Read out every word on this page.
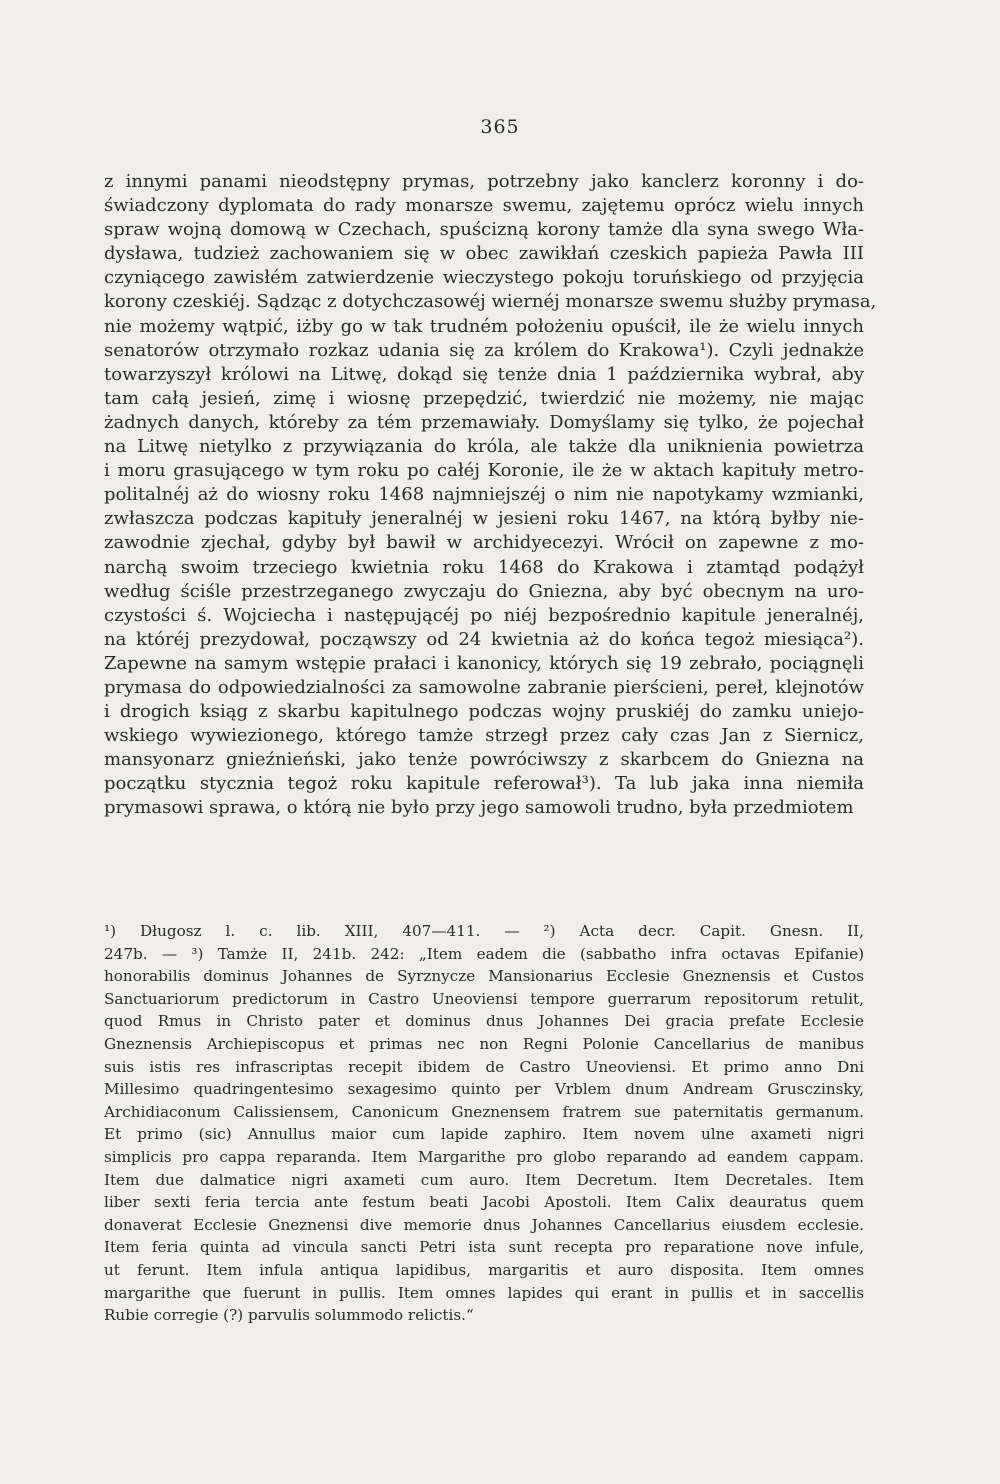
365
z innymi panami nieodstępny prymas, potrzebny jako kanclerz koronny i do-
świadczony dyplomata do rady monarsze swemu, zajętemu oprócz wielu innych
spraw wojną domową w Czechach, spuścizną korony tamże dla syna swego Wła-
dysława, tudzież zachowaniem się w obec zawikłań czeskich papieża Pawła III
czyniącego zawisłém zatwierdzenie wieczystego pokoju toruńskiego od przyjęcia
korony czeskiéj. Sądząc z dotychczasowéj wiernéj monarsze swemu służby prymasa,
nie możemy wątpić, iżby go w tak trudném położeniu opuścił, ile że wielu innych
senatorów otrzymało rozkaz udania się za królem do Krakowa¹). Czyli jednakże
towarzyszył królowi na Litwę, dokąd się tenże dnia 1 października wybrał, aby
tam całą jesień, zimę i wiosnę przepędzić, twierdzić nie możemy, nie mając
żadnych danych, któreby za tém przemawiały. Domyślamy się tylko, że pojechał
na Litwę nietylko z przywiązania do króla, ale także dla uniknienia powietrza
i moru grasującego w tym roku po całéj Koronie, ile że w aktach kapituły metro-
politalnéj aż do wiosny roku 1468 najmniejszéj o nim nie napotykamy wzmianki,
zwłaszcza podczas kapituły jeneralnéj w jesieni roku 1467, na którą byłby nie-
zawodnie zjechał, gdyby był bawił w archidyecezyi. Wrócił on zapewne z mo-
narchą swoim trzeciego kwietnia roku 1468 do Krakowa i ztamtąd podążył
według ściśle przestrzeganego zwyczaju do Gniezna, aby być obecnym na uro-
czystości ś. Wojciecha i następującéj po niéj bezpośrednio kapitule jeneralnéj,
na któréj prezydował, począwszy od 24 kwietnia aż do końca tegoż miesiąca²).
Zapewne na samym wstępie prałaci i kanonicy, których się 19 zebrało, pociągnęli
prymasa do odpowiedzialności za samowolne zabranie pierścieni, pereł, klejnotów
i drogich ksiąg z skarbu kapitulnego podczas wojny pruskiéj do zamku uniejo-
wskiego wywiezionego, którego tamże strzegł przez cały czas Jan z Siernicz,
mansyonarz gnieźnieński, jako tenże powróciwszy z skarbcem do Gniezna na
początku stycznia tegoż roku kapitule referował³). Ta lub jaka inna niemiła
prymasowi sprawa, o którą nie było przy jego samowoli trudno, była przedmiotem
¹) Długosz l. c. lib. XIII, 407—411. — ²) Acta decr. Capit. Gnesn. II,
247b. — ³) Tamże II, 241b. 242: „Item eadem die (sabbatho infra octavas Epifanie)
honorabilis dominus Johannes de Syrznycze Mansionarius Ecclesie Gneznensis et Custos
Sanctuariorum predictorum in Castro Uneoviensi tempore guerrarum repositorum retulit,
quod Rmus in Christo pater et dominus dnus Johannes Dei gracia prefate Ecclesie
Gneznensis Archiepiscopus et primas nec non Regni Polonie Cancellarius de manibus
suis istis res infrascriptas recepit ibidem de Castro Uneoviensi. Et primo anno Dni
Millesimo quadringentesimo sexagesimo quinto per Vrblem dnum Andream Grusczinsky,
Archidiaconum Calissiensem, Canonicum Gneznensem fratrem sue paternitatis germanum.
Et primo (sic) Annullus maior cum lapide zaphiro. Item novem ulne axameti nigri
simplicis pro cappa reparanda. Item Margarithe pro globo reparando ad eandem cappam.
Item due dalmatice nigri axameti cum auro. Item Decretum. Item Decretales. Item
liber sexti feria tercia ante festum beati Jacobi Apostoli. Item Calix deauratus quem
donaverat Ecclesie Gneznensi dive memorie dnus Johannes Cancellarius eiusdem ecclesie.
Item feria quinta ad vincula sancti Petri ista sunt recepta pro reparatione nove infule,
ut ferunt. Item infula antiqua lapidibus, margaritis et auro disposita. Item omnes
margarithe que fuerunt in pullis. Item omnes lapides qui erant in pullis et in saccellis
Rubie corregie (?) parvulis solummodo relictis.“
